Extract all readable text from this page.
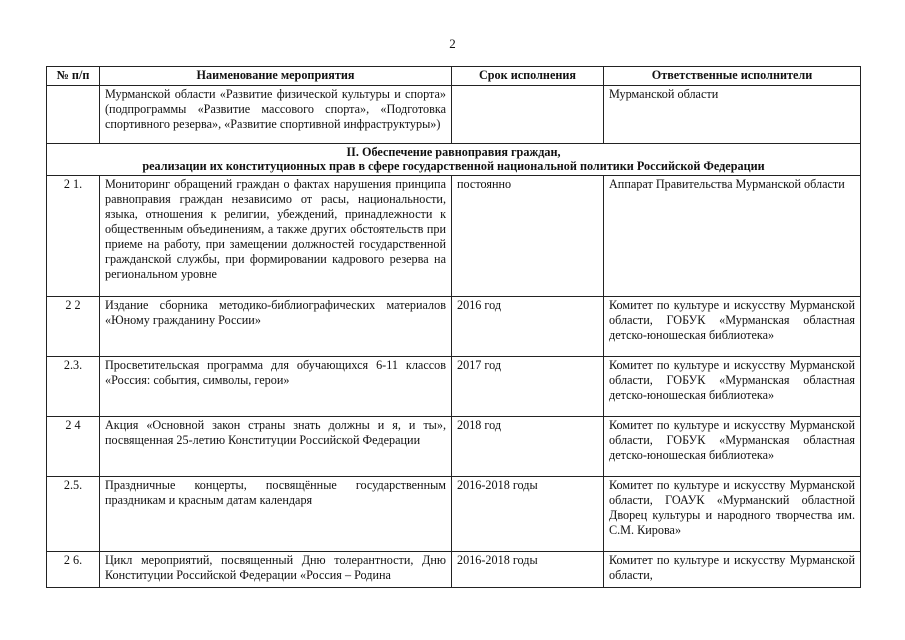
2
№ п/п	Наименование мероприятия	Срок исполнения	Ответственные исполнители
	Мурманской области «Развитие физической культуры и спорта» (подпрограммы «Развитие массового спорта», «Подготовка спортивного резерва», «Развитие спортивной инфраструктуры»)		Мурманской области

II. Обеспечение равноправия граждан,
реализации их конституционных прав в сфере государственной национальной политики Российской Федерации			

2 1.	Мониторинг обращений граждан о фактах нарушения принципа равноправия граждан независимо от расы, национальности, языка, отношения к религии, убеждений, принадлежности к общественным объединениям, а также других обстоятельств при приеме на работу, при замещении должностей государственной гражданской службы, при формировании кадрового резерва на региональном уровне	постоянно	Аппарат Правительства Мурманской области
2 2	Издание сборника методико-библиографических материалов «Юному гражданину России»	2016 год	Комитет по культуре и искусству Мурманской области, ГОБУК «Мурманская областная детско-юношеская библиотека»
2.3.	Просветительская программа для обучающихся 6-11 классов «Россия: события, символы, герои»	2017 год	Комитет по культуре и искусству Мурманской области, ГОБУК «Мурманская областная детско-юношеская библиотека»
2 4	Акция «Основной закон страны знать должны и я, и ты», посвященная 25-летию Конституции Российской Федерации	2018 год	Комитет по культуре и искусству Мурманской области, ГОБУК «Мурманская областная детско-юношеская библиотека»
2.5.	Праздничные концерты, посвящённые государственным праздникам и красным датам календаря	2016-2018 годы	Комитет по культуре и искусству Мурманской области, ГОАУК «Мурманский областной Дворец культуры и народного творчества им. С.М. Кирова»
2 6.	Цикл мероприятий, посвященный Дню толерантности, Дню Конституции Российской Федерации «Россия – Родина	2016-2018 годы	Комитет по культуре и искусству Мурманской области,
